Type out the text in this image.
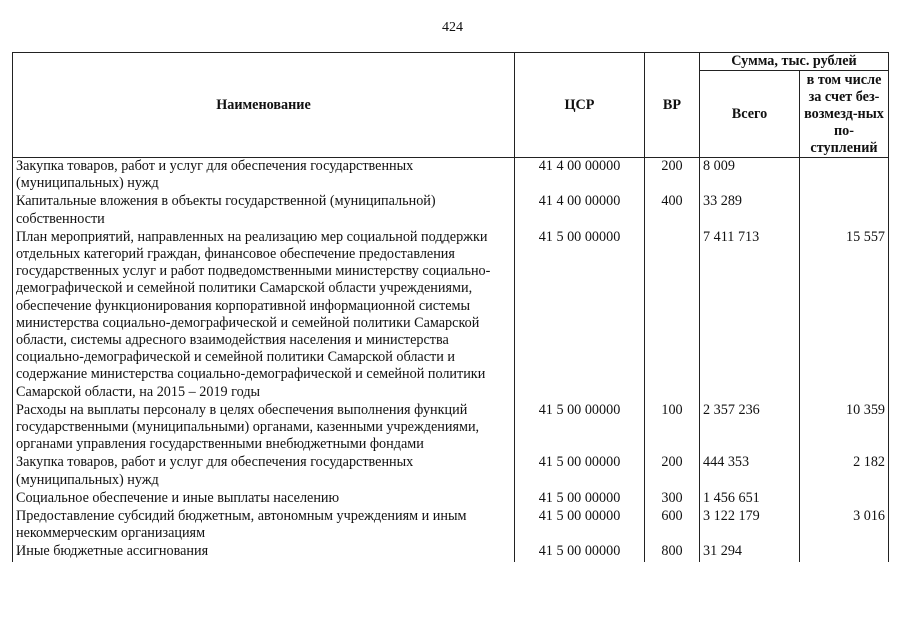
424
Наименование	ЦСР	ВР	Сумма, тыс. рублей	
			Всего	в том числе за счет без-возмезд-ных по-ступлений
Закупка товаров, работ и услуг для обеспечения государственных (муниципальных) нужд	41 4 00 00000	200	8 009	
Капитальные вложения в объекты государственной (муниципальной) собственности	41 4 00 00000	400	33 289	
План мероприятий, направленных на реализацию мер социальной поддержки отдельных категорий граждан, финансовое обеспечение предоставления государственных услуг и работ подведомственными министерству социально-демографической и семейной политики Самарской области учреждениями, обеспечение функционирования корпоративной информационной системы министерства социально-демографической и семейной политики Самарской области, системы адресного взаимодействия населения и министерства социально-демографической и семейной политики Самарской области и содержание министерства социально-демографической и семейной политики Самарской области, на 2015 – 2019 годы	41 5 00 00000		7 411 713	15 557
Расходы на выплаты персоналу в целях обеспечения выполнения функций государственными (муниципальными) органами, казенными учреждениями, органами управления государственными внебюджетными фондами	41 5 00 00000	100	2 357 236	10 359
Закупка товаров, работ и услуг для обеспечения государственных (муниципальных) нужд	41 5 00 00000	200	444 353	2 182
Социальное обеспечение и иные выплаты населению	41 5 00 00000	300	1 456 651	
Предоставление субсидий бюджетным, автономным учреждениям и иным некоммерческим организациям	41 5 00 00000	600	3 122 179	3 016
Иные бюджетные ассигнования	41 5 00 00000	800	31 294	
